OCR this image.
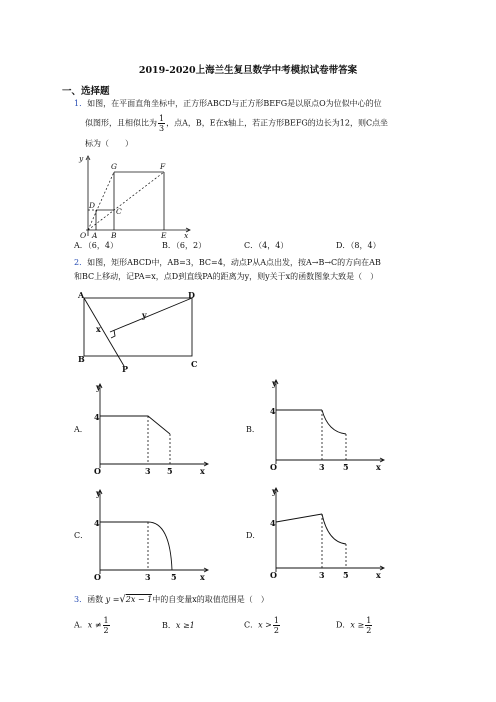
2019-2020上海兰生复旦数学中考模拟试卷带答案
一、选择题
1．如图，在平面直角坐标中，正方形ABCD与正方形BEFG是以原点O为位似中心的位
似图形，且相似比为 $\frac{1}{3}$ ，点A，B，E在x轴上，若正方形BEFG的边长为12，则C点坐
标为（　　）
y
x
O A B	E
G	F
D
C
A．（6，4）	B．（6，2）	C．（4，4）	D．（8，4）
2．如图，矩形ABCD中，AB=3，BC=4，动点P从A点出发，按A→B→C的方向在AB
和BC上移动，记PA=x，点D到直线PA的距离为y，则y关于x的函数图象大致是（　）
A
B	C
D
P
x
y
A．
y
4
O	3 5	x
B．
y
4
O	3 5	x
C．
y
4
O	3	5	x
D．
y
4
O	3 5	x
3．函数 y =√2x − 1中的自变量x的取值范围是（　）
A．$x \ne \frac{1}{2}$	B．x ≥1	C．$x > \frac{1}{2}$	D．$x \ge \frac{1}{2}$
